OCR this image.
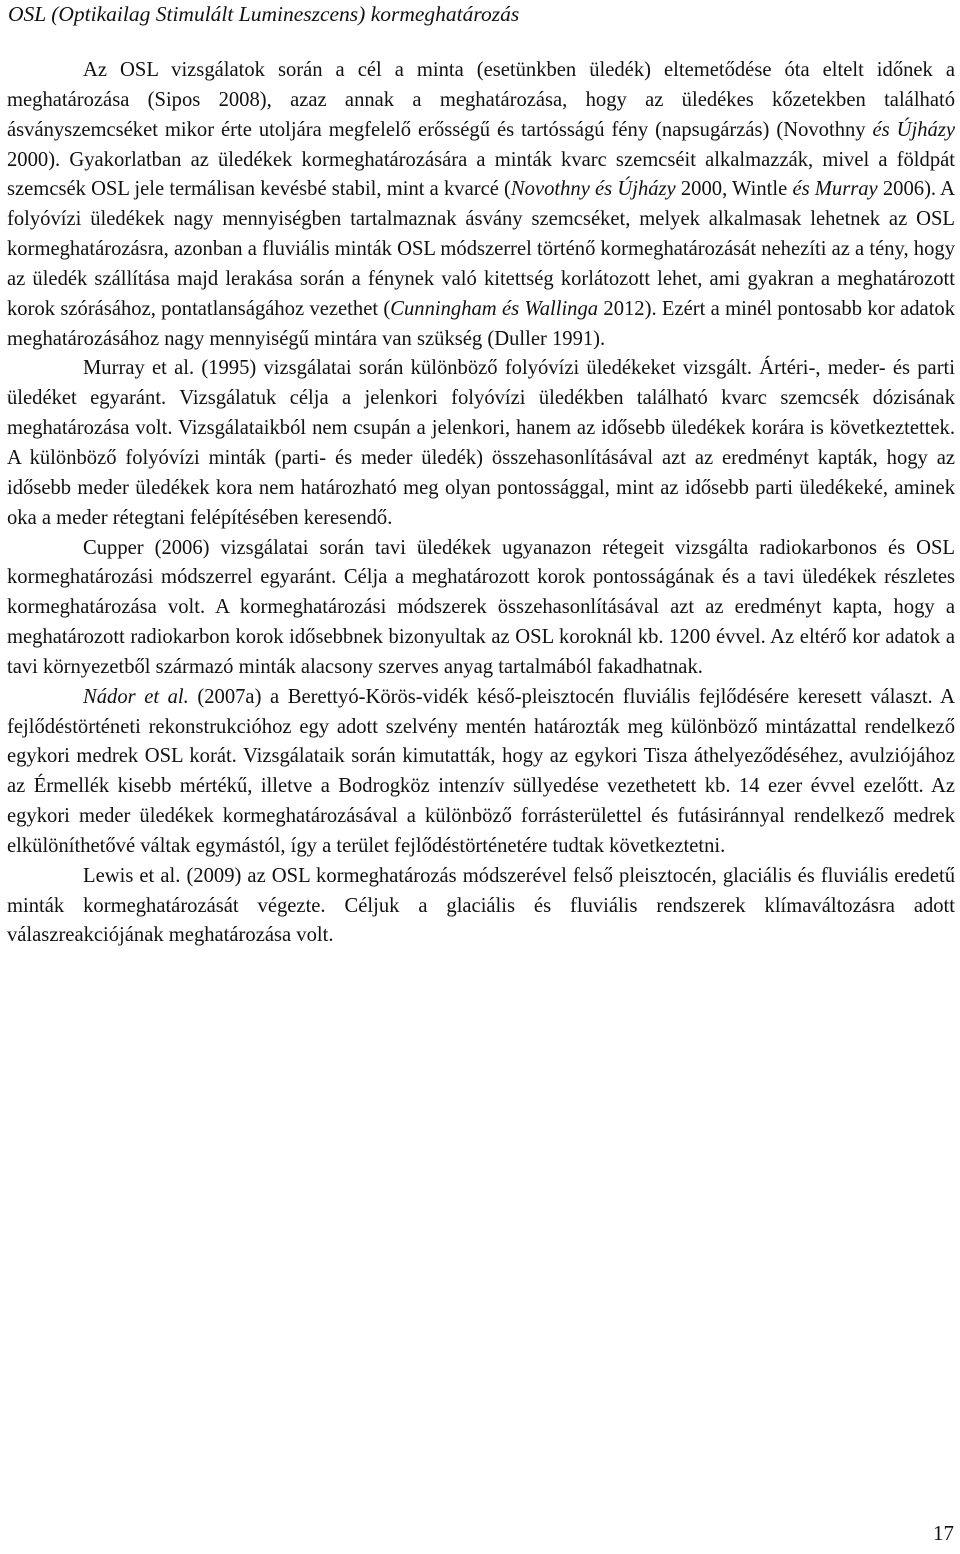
OSL (Optikailag Stimulált Lumineszcens) kormeghatározás

Az OSL vizsgálatok során a cél a minta (esetünkben üledék) eltemetődése óta eltelt időnek a meghatározása (Sipos 2008), azaz annak a meghatározása, hogy az üledékes kőzetekben található ásványszemcséket mikor érte utoljára megfelelő erősségű és tartósságú fény (napsugárzás) (Novothny és Újházy 2000). Gyakorlatban az üledékek kormeghatározására a minták kvarc szemcséit alkalmazzák, mivel a földpát szemcsék OSL jele termálisan kevésbé stabil, mint a kvarcé (Novothny és Újházy 2000, Wintle és Murray 2006). A folyóvízi üledékek nagy mennyiségben tartalmaznak ásvány szemcséket, melyek alkalmasak lehetnek az OSL kormeghatározásra, azonban a fluviális minták OSL módszerrel történő kormeghatározását nehezíti az a tény, hogy az üledék szállítása majd lerakása során a fénynek való kitettség korlátozott lehet, ami gyakran a meghatározott korok szórásához, pontatlanságához vezethet (Cunningham és Wallinga 2012). Ezért a minél pontosabb kor adatok meghatározásához nagy mennyiségű mintára van szükség (Duller 1991).

Murray et al. (1995) vizsgálatai során különböző folyóvízi üledékeket vizsgált. Ártéri-, meder- és parti üledéket egyaránt. Vizsgálatuk célja a jelenkori folyóvízi üledékben található kvarc szemcsék dózisának meghatározása volt. Vizsgálataikból nem csupán a jelenkori, hanem az idősebb üledékek korára is következtettek. A különböző folyóvízi minták (parti- és meder üledék) összehasonlításával azt az eredményt kapták, hogy az idősebb meder üledékek kora nem határozható meg olyan pontossággal, mint az idősebb parti üledékeké, aminek oka a meder rétegtani felépítésében keresendő.

Cupper (2006) vizsgálatai során tavi üledékek ugyanazon rétegeit vizsgálta radiokarbonos és OSL kormeghatározási módszerrel egyaránt. Célja a meghatározott korok pontosságának és a tavi üledékek részletes kormeghatározása volt. A kormeghatározási módszerek összehasonlításával azt az eredményt kapta, hogy a meghatározott radiokarbon korok idősebbnek bizonyultak az OSL koroknál kb. 1200 évvel. Az eltérő kor adatok a tavi környezetből származó minták alacsony szerves anyag tartalmából fakadhatnak.

Nádor et al. (2007a) a Berettyó-Körös-vidék késő-pleisztocén fluviális fejlődésére keresett választ. A fejlődéstörténeti rekonstrukcióhoz egy adott szelvény mentén határozták meg különböző mintázattal rendelkező egykori medrek OSL korát. Vizsgálataik során kimutatták, hogy az egykori Tisza áthelyeződéséhez, avulziójához az Érmellék kisebb mértékű, illetve a Bodrogköz intenzív süllyedése vezethetett kb. 14 ezer évvel ezelőtt. Az egykori meder üledékek kormeghatározásával a különböző forrásterülettel és futásiránnyal rendelkező medrek elkülöníthetővé váltak egymástól, így a terület fejlődéstörténetére tudtak következtetni.

Lewis et al. (2009) az OSL kormeghatározás módszerével felső pleisztocén, glaciális és fluviális eredetű minták kormeghatározását végezte. Céljuk a glaciális és fluviális rendszerek klímaváltozásra adott válaszreakciójának meghatározása volt.

17
